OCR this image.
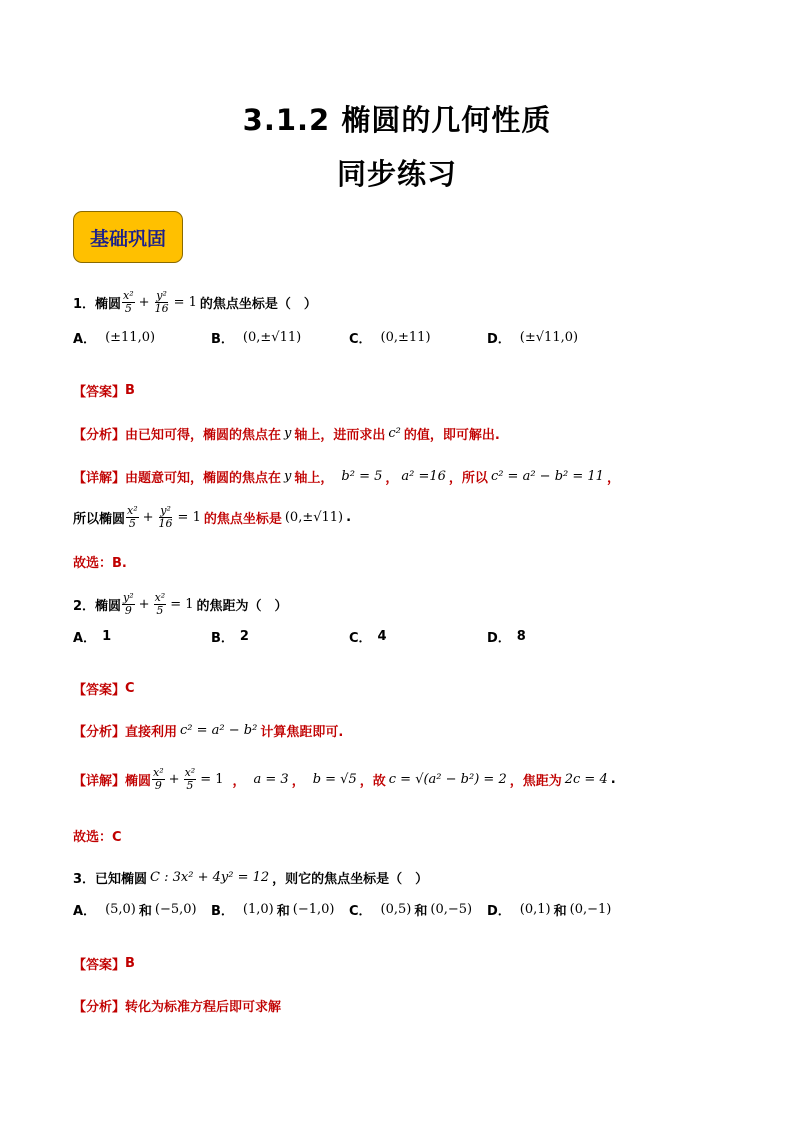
3.1.2 椭圆的几何性质
同步练习
基础巩固
1．椭圆 $\frac{\text{x²}}{5} + \frac{\text{y²}}{16} = 1$ 的焦点坐标是（　）
A． (±11,0)	B． (0,±√11)	C． (0,±11)	D． (±√11,0)
【答案】 B
【分析】 由已知可得，椭圆的焦点在 y 轴上，进而求出 c² 的值，即可解出.
【详解】 由题意可知，椭圆的焦点在 y 轴上， b² = 5 ， a² =16 ，所以 c² = a² − b² = 11 ，
所以椭圆 $\frac{\text{x²}}{5} + \frac{\text{y²}}{16} = 1$ 的焦点坐标是 (0,±√11) .
故选：B.
2．椭圆 $\frac{\text{y²}}{9} + \frac{\text{x²}}{5} = 1$ 的焦距为（　）
A． 1	B． 2	C． 4	D． 8
【答案】 C
【分析】 直接利用 c² = a² − b² 计算焦距即可.
【详解】 椭圆 $\frac{\text{x²}}{9} + \frac{\text{x²}}{5} = 1$ ， a = 3 ， b = √5 ，故 c = √(a² − b²) = 2 ，焦距为 2c = 4 .
故选：C
3．已知椭圆 C : 3x² + 4y² = 12 ，则它的焦点坐标是（　）
A． (5,0) 和 (−5,0) B． (1,0) 和 (−1,0) C． (0,5) 和 (0,−5) D． (0,1) 和 (0,−1)
【答案】 B
【分析】 转化为标准方程后即可求解
